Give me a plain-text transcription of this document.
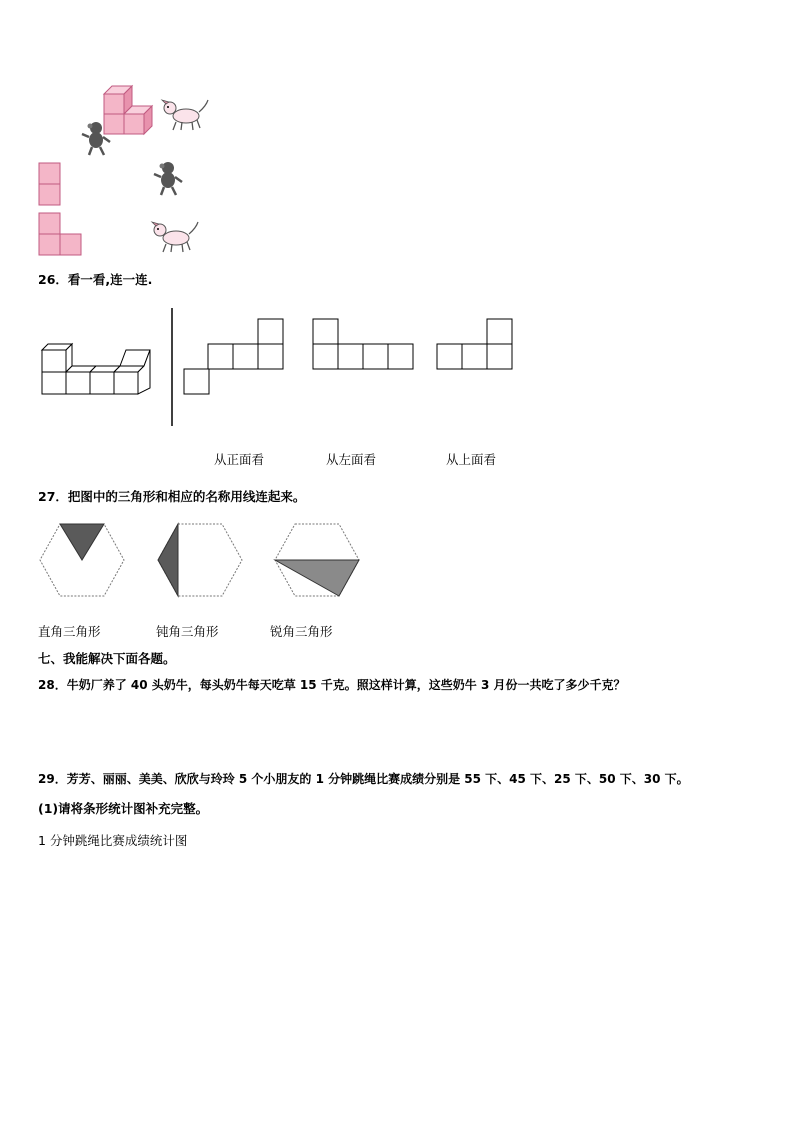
26．看一看,连一连.
从正面看	从左面看	从上面看
27．把图中的三角形和相应的名称用线连起来。
直角三角形	钝角三角形	锐角三角形
七、我能解决下面各题。
28．牛奶厂养了 40 头奶牛，每头奶牛每天吃草 15 千克。照这样计算，这些奶牛 3 月份一共吃了多少千克？
29．芳芳、丽丽、美美、欣欣与玲玲 5 个小朋友的 1 分钟跳绳比赛成绩分别是 55 下、45 下、25 下、50 下、30 下。
(1)请将条形统计图补充完整。
1 分钟跳绳比赛成绩统计图
